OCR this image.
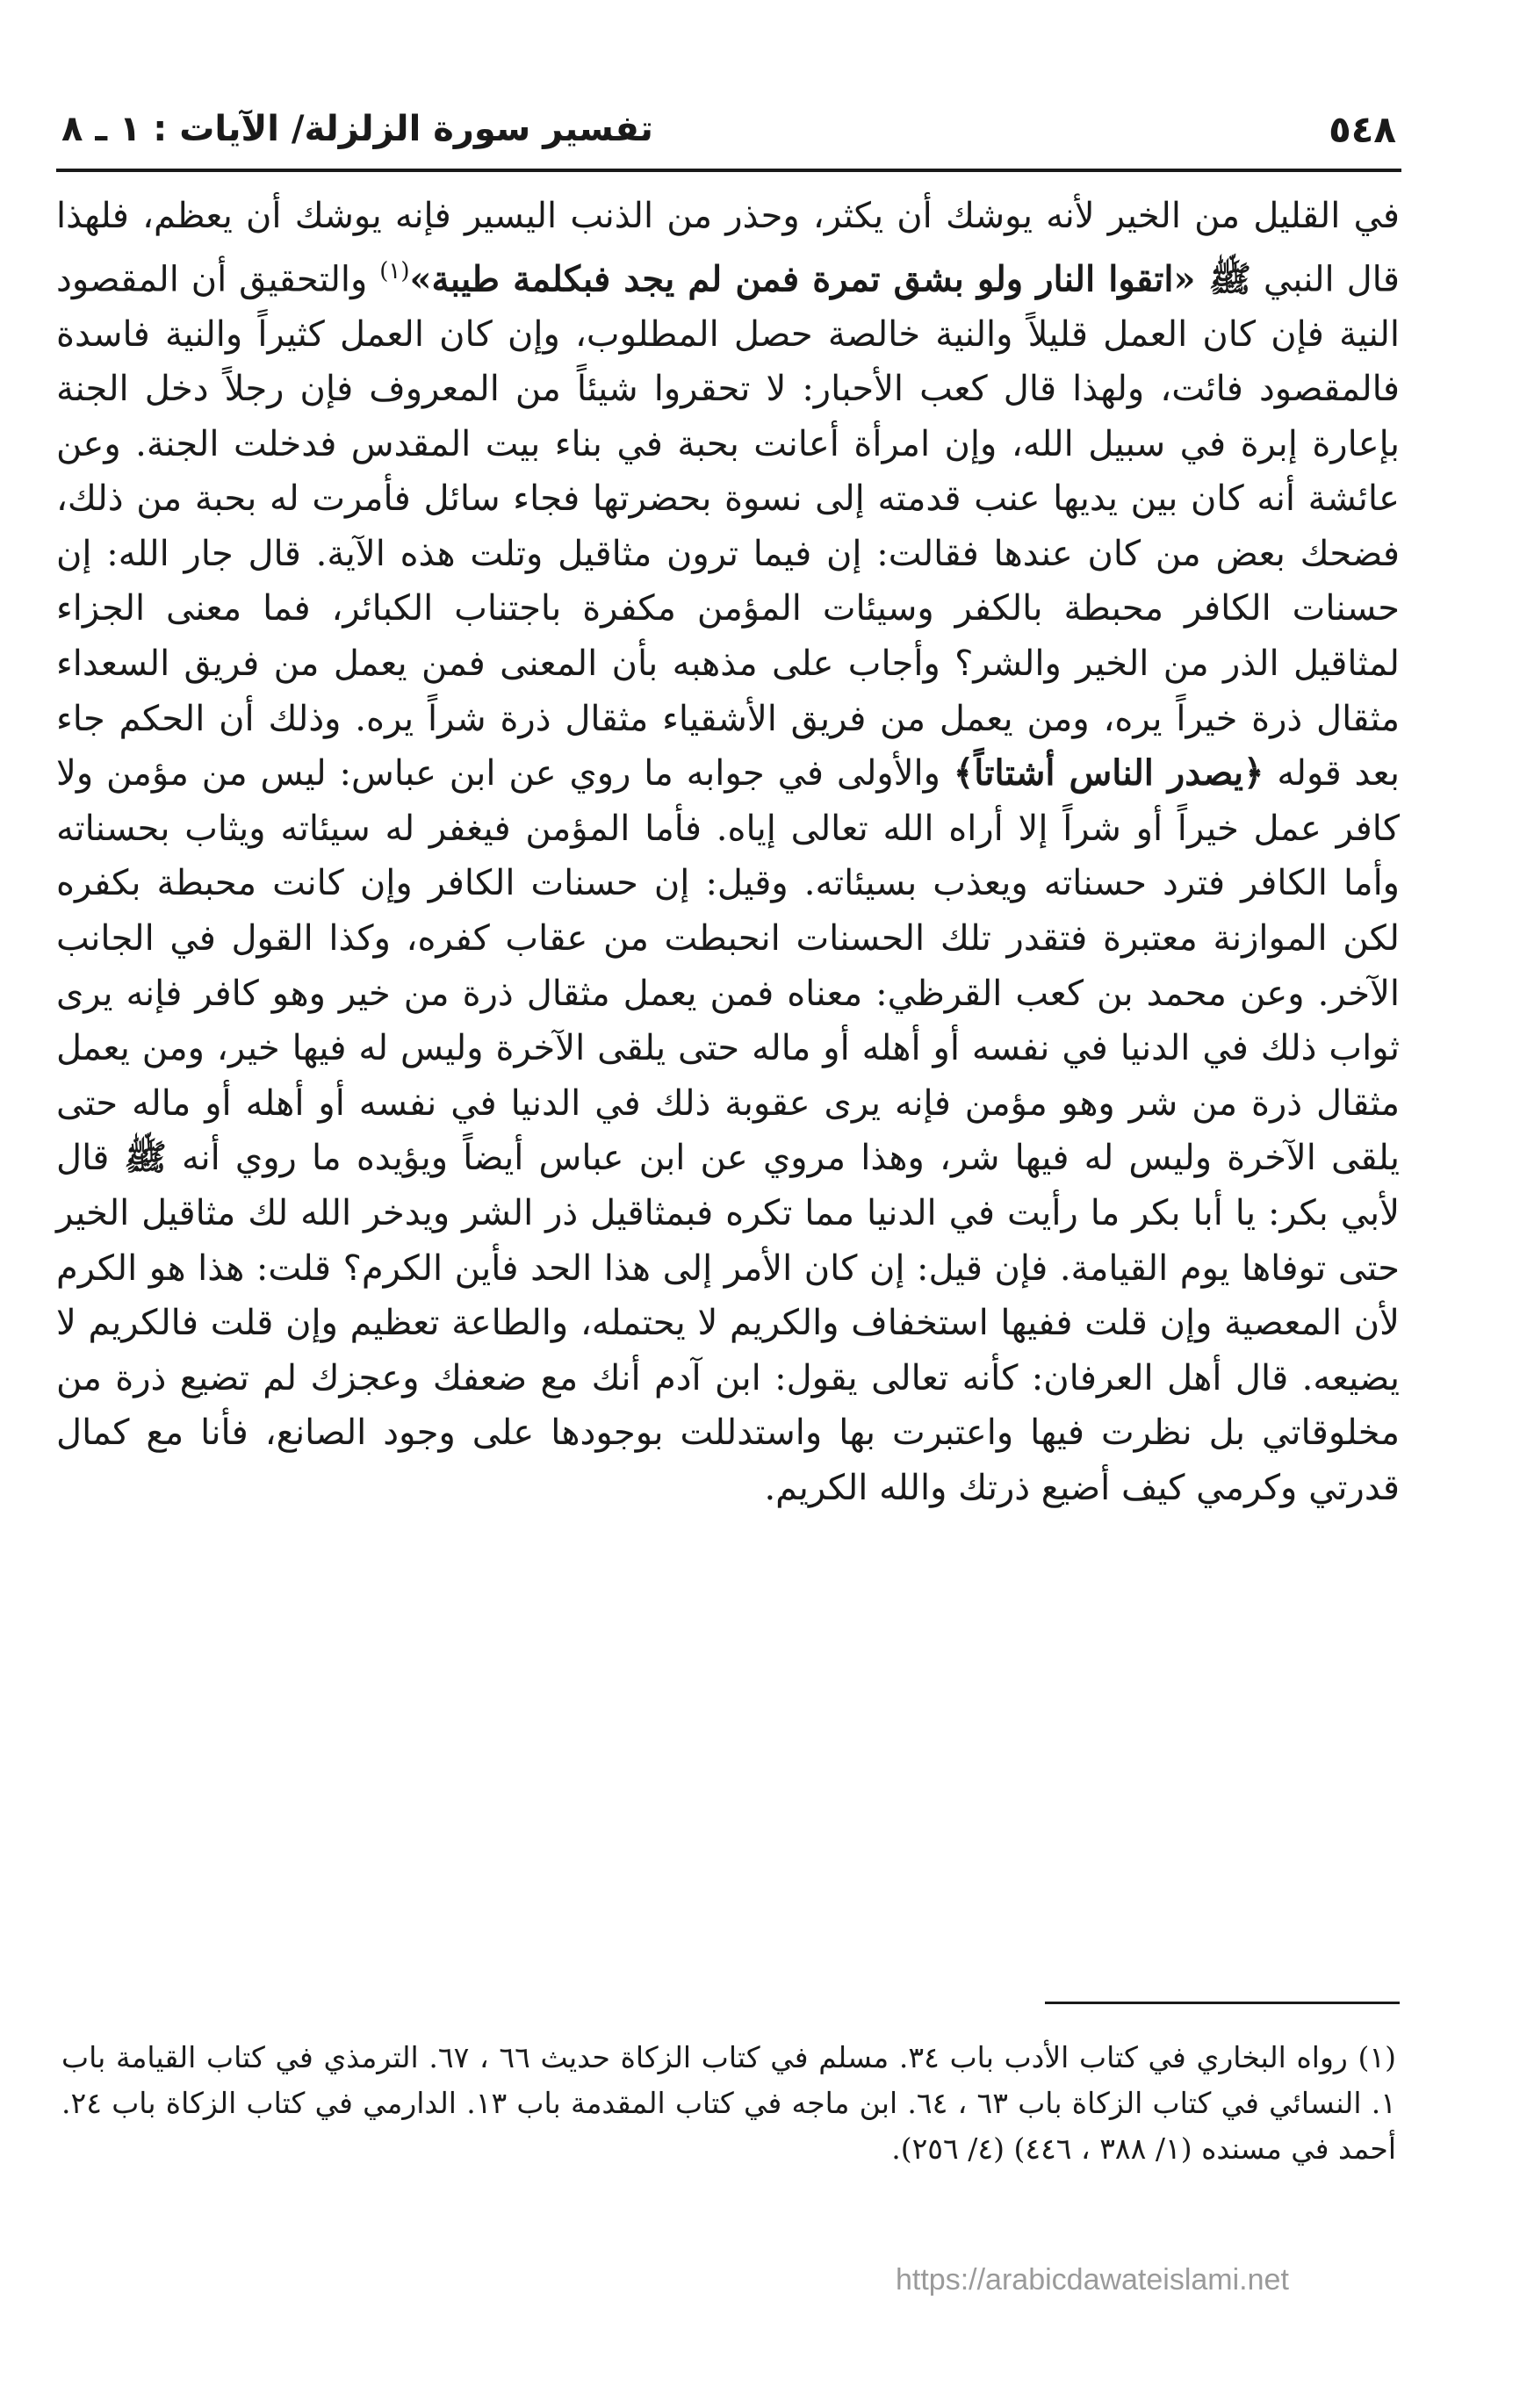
٥٤٨
تفسير سورة الزلزلة/ الآيات : ١ ـ ٨

في القليل من الخير لأنه يوشك أن يكثر، وحذر من الذنب اليسير فإنه يوشك أن يعظم، فلهذا قال النبي ﷺ «اتقوا النار ولو بشق تمرة فمن لم يجد فبكلمة طيبة»$^{(١)}$ والتحقيق أن المقصود النية فإن كان العمل قليلاً والنية خالصة حصل المطلوب، وإن كان العمل كثيراً والنية فاسدة فالمقصود فائت، ولهذا قال كعب الأحبار: لا تحقروا شيئاً من المعروف فإن رجلاً دخل الجنة بإعارة إبرة في سبيل الله، وإن امرأة أعانت بحبة في بناء بيت المقدس فدخلت الجنة. وعن عائشة أنه كان بين يديها عنب قدمته إلى نسوة بحضرتها فجاء سائل فأمرت له بحبة من ذلك، فضحك بعض من كان عندها فقالت: إن فيما ترون مثاقيل وتلت هذه الآية. قال جار الله: إن حسنات الكافر محبطة بالكفر وسيئات المؤمن مكفرة باجتناب الكبائر، فما معنى الجزاء لمثاقيل الذر من الخير والشر؟ وأجاب على مذهبه بأن المعنى فمن يعمل من فريق السعداء مثقال ذرة خيراً يره، ومن يعمل من فريق الأشقياء مثقال ذرة شراً يره. وذلك أن الحكم جاء بعد قوله ﴿يصدر الناس أشتاتاً﴾ والأولى في جوابه ما روي عن ابن عباس: ليس من مؤمن ولا كافر عمل خيراً أو شراً إلا أراه الله تعالى إياه. فأما المؤمن فيغفر له سيئاته ويثاب بحسناته وأما الكافر فترد حسناته ويعذب بسيئاته. وقيل: إن حسنات الكافر وإن كانت محبطة بكفره لكن الموازنة معتبرة فتقدر تلك الحسنات انحبطت من عقاب كفره، وكذا القول في الجانب الآخر. وعن محمد بن كعب القرظي: معناه فمن يعمل مثقال ذرة من خير وهو كافر فإنه يرى ثواب ذلك في الدنيا في نفسه أو أهله أو ماله حتى يلقى الآخرة وليس له فيها خير، ومن يعمل مثقال ذرة من شر وهو مؤمن فإنه يرى عقوبة ذلك في الدنيا في نفسه أو أهله أو ماله حتى يلقى الآخرة وليس له فيها شر، وهذا مروي عن ابن عباس أيضاً ويؤيده ما روي أنه ﷺ قال لأبي بكر: يا أبا بكر ما رأيت في الدنيا مما تكره فبمثاقيل ذر الشر ويدخر الله لك مثاقيل الخير حتى توفاها يوم القيامة. فإن قيل: إن كان الأمر إلى هذا الحد فأين الكرم؟ قلت: هذا هو الكرم لأن المعصية وإن قلت ففيها استخفاف والكريم لا يحتمله، والطاعة تعظيم وإن قلت فالكريم لا يضيعه. قال أهل العرفان: كأنه تعالى يقول: ابن آدم أنك مع ضعفك وعجزك لم تضيع ذرة من مخلوقاتي بل نظرت فيها واعتبرت بها واستدللت بوجودها على وجود الصانع، فأنا مع كمال قدرتي وكرمي كيف أضيع ذرتك والله الكريم.

(١) رواه البخاري في كتاب الأدب باب ٣٤. مسلم في كتاب الزكاة حديث ٦٦ ، ٦٧. الترمذي في كتاب القيامة باب ١. النسائي في كتاب الزكاة باب ٦٣ ، ٦٤. ابن ماجه في كتاب المقدمة باب ١٣. الدارمي في كتاب الزكاة باب ٢٤. أحمد في مسنده (١/ ٣٨٨ ، ٤٤٦) (٤/ ٢٥٦).

https://arabicdawateislami.net
